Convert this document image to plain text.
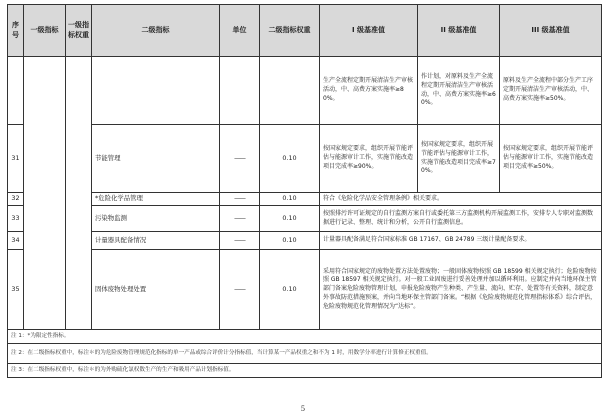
序号	一级指标	一级指标权重	二级指标	单位	二级指标权重	I 级基准值	II 级基准值	III 级基准值
						生产全流程定期开展清洁生产审核活动，中、高费方案实施率≥80%。	作计划，对原料及生产全流程定期开展清洁生产审核活动，中、高费方案实施率≥60%。	原料及生产全流程中部分生产工序定期开展清洁生产审核活动，中、高费方案实施率≥50%。
31			节能管理	——	0.10	按国家规定要求，组织开展节能评估与能源审计工作，实施节能改造项目完成率≥90%。	按国家规定要求，组织开展节能评估与能源审计工作，实施节能改造项目完成率≥70%。	按国家规定要求，组织开展节能评估与能源审计工作，实施节能改造项目完成率≥50%。
32			*危险化学品管理	——	0.10	符合《危险化学品安全管理条例》相关要求。		
33			污染物监测	——	0.10	按照排污许可证规定的自行监测方案自行或委托第三方监测机构开展监测工作，安排专人专职对监测数据进行记录、整理、统计和分析，公开自行监测信息。		
34			计量器具配备情况	——	0.10	计量器具配备满足符合国家标准 GB 17167、GB 24789 三级计量配备要求。		
35			固体废物处理处置	——	0.10	采用符合国家规定的废物处置方法处置废物；一般固体废物按照 GB 18599 相关规定执行；危险废物按照 GB 18597 相关规定执行。对一般工业固废进行妥善处理并加以循环利用。应制定并向当地环保主管部门备案危险废物管理计划，申报危险废物产生种类、产生量、流向、贮存、处置等有关资料，制定意外事故防范措施预案，并向当地环保主管部门备案。“根据《危险废物规范化管理指标体系》综合评估，危险废物规范化管理情况为“达标”。		
注 1：*为限定性指标。								
注 2：在二级指标权重中，标注＊的为危险废物管理规范化指标的单一产品或综合评价计分指标值，当计算某一产品权重之和不为 1 时，用数学分率进行计算修正权重值。								
注 3：在二级指标权重中，标注＊的为外购硫化氯权数生产的生产和吸用产品计划指标值。								
5
